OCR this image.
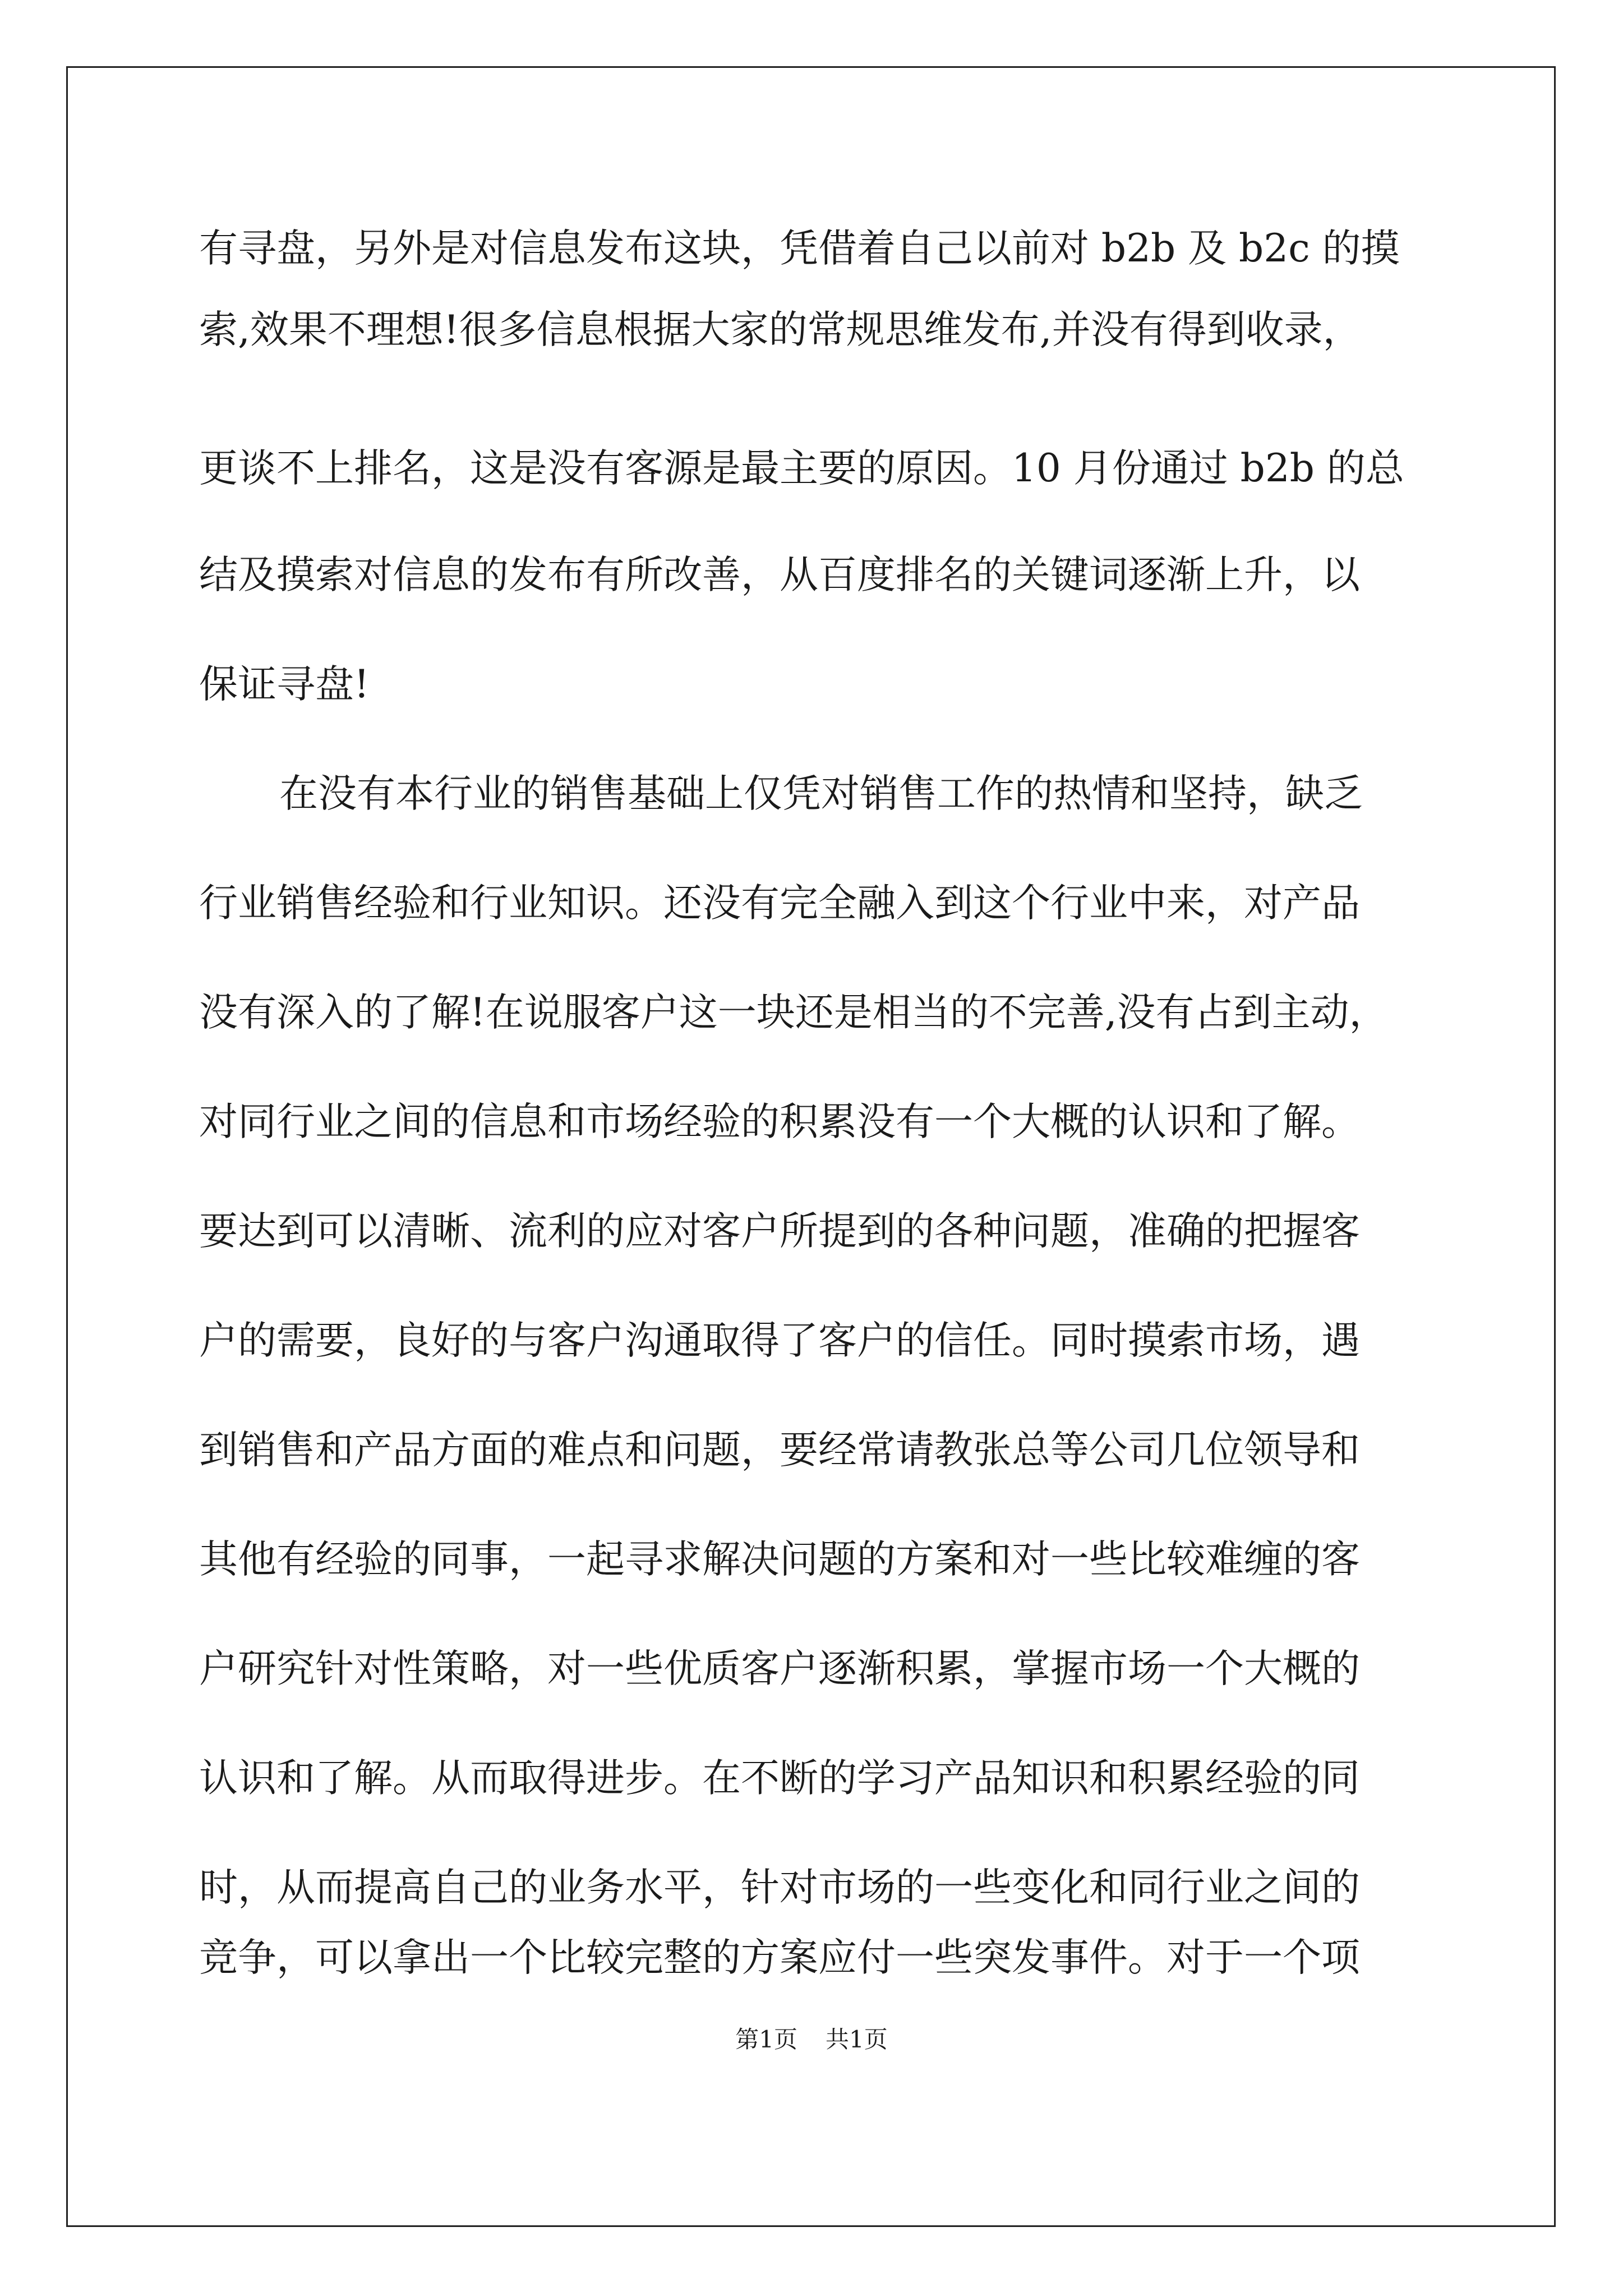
有寻盘，另外是对信息发布这块，凭借着自己以前对 b2b 及 b2c 的摸
索,效果不理想!很多信息根据大家的常规思维发布,并没有得到收录，
更谈不上排名，这是没有客源是最主要的原因。10 月份通过 b2b 的总
结及摸索对信息的发布有所改善，从百度排名的关键词逐渐上升，以
保证寻盘!
在没有本行业的销售基础上仅凭对销售工作的热情和坚持，缺乏
行业销售经验和行业知识。还没有完全融入到这个行业中来，对产品
没有深入的了解!在说服客户这一块还是相当的不完善,没有占到主动，
对同行业之间的信息和市场经验的积累没有一个大概的认识和了解。
要达到可以清晰、流利的应对客户所提到的各种问题，准确的把握客
户的需要，良好的与客户沟通取得了客户的信任。同时摸索市场，遇
到销售和产品方面的难点和问题，要经常请教张总等公司几位领导和
其他有经验的同事，一起寻求解决问题的方案和对一些比较难缠的客
户研究针对性策略，对一些优质客户逐渐积累，掌握市场一个大概的
认识和了解。从而取得进步。在不断的学习产品知识和积累经验的同
时，从而提高自己的业务水平，针对市场的一些变化和同行业之间的
竞争，可以拿出一个比较完整的方案应付一些突发事件。对于一个项
第1页 共1页
